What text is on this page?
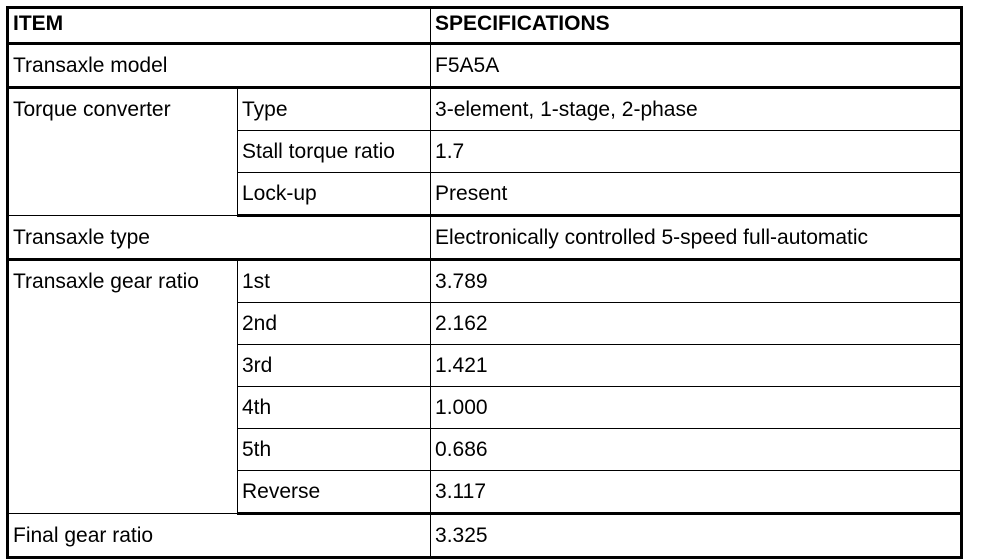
ITEM		SPECIFICATIONS
Transaxle model		F5A5A
Torque converter	Type	3-element, 1-stage, 2-phase
	Stall torque ratio	1.7
	Lock-up	Present
Transaxle type		Electronically controlled 5-speed full-automatic
Transaxle gear ratio	1st	3.789
	2nd	2.162
	3rd	1.421
	4th	1.000
	5th	0.686
	Reverse	3.117
Final gear ratio		3.325
